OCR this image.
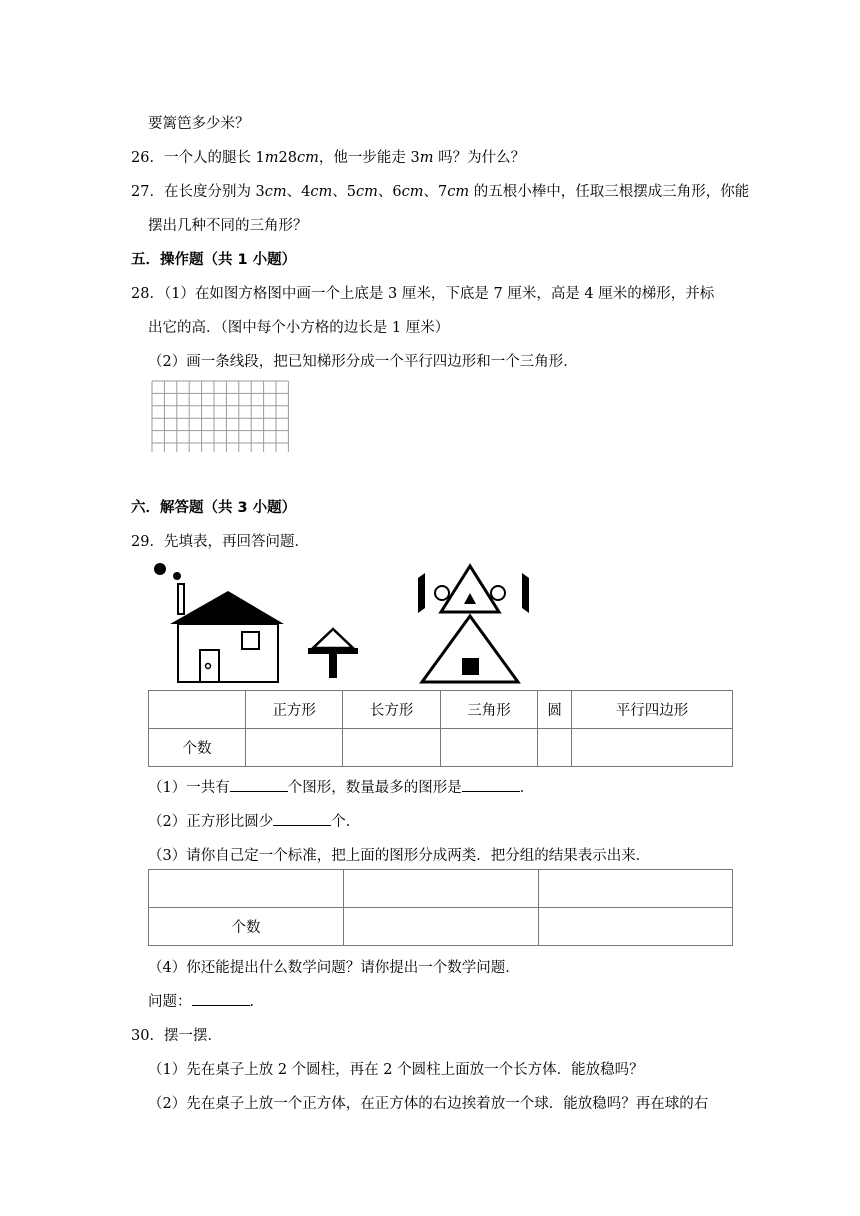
要篱笆多少米？
26．一个人的腿长 1m28cm，他一步能走 3m 吗？为什么？
27．在长度分别为 3cm、4cm、5cm、6cm、7cm 的五根小棒中，任取三根摆成三角形，你能
摆出几种不同的三角形？
五．操作题（共 1 小题）
28．（1）在如图方格图中画一个上底是 3 厘米，下底是 7 厘米，高是 4 厘米的梯形，并标
出它的高．（图中每个小方格的边长是 1 厘米）
（2）画一条线段，把已知梯形分成一个平行四边形和一个三角形．
六．解答题（共 3 小题）
29．先填表，再回答问题．
	正方形	长方形	三角形	圆	平行四边形
个数					
（1）一共有	个图形，数量最多的图形是	．
（2）正方形比圆少	个．
（3）请你自己定一个标准，把上面的图形分成两类．把分组的结果表示出来．

个数		
（4）你还能提出什么数学问题？请你提出一个数学问题．
问题：	．
30．摆一摆．
（1）先在桌子上放 2 个圆柱，再在 2 个圆柱上面放一个长方体．能放稳吗？
（2）先在桌子上放一个正方体，在正方体的右边挨着放一个球．能放稳吗？再在球的右
